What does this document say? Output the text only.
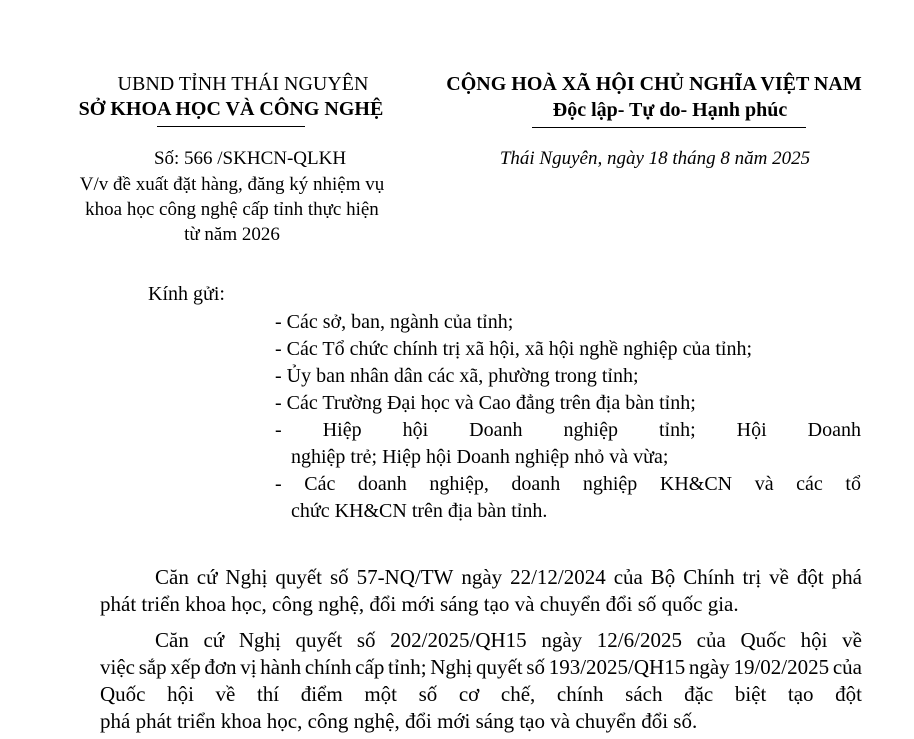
UBND TỈNH THÁI NGUYÊN
SỞ KHOA HỌC VÀ CÔNG NGHỆ
CỘNG HOÀ XÃ HỘI CHỦ NGHĨA VIỆT NAM
Độc lập- Tự do- Hạnh phúc
Số: 566 /SKHCN-QLKH
V/v đề xuất đặt hàng, đăng ký nhiệm vụ
khoa học công nghệ cấp tỉnh thực hiện
từ năm 2026
Thái Nguyên, ngày 18 tháng 8 năm 2025
Kính gửi:
- Các sở, ban, ngành của tỉnh;
- Các Tổ chức chính trị xã hội, xã hội nghề nghiệp của tỉnh;
- Ủy ban nhân dân các xã, phường trong tỉnh;
- Các Trường Đại học và Cao đẳng trên địa bàn tỉnh;
- Hiệp hội Doanh nghiệp tỉnh; Hội Doanh
nghiệp trẻ; Hiệp hội Doanh nghiệp nhỏ và vừa;
- Các doanh nghiệp, doanh nghiệp KH&CN và các tổ
chức KH&CN trên địa bàn tỉnh.
Căn cứ Nghị quyết số 57-NQ/TW ngày 22/12/2024 của Bộ Chính trị về đột phá
phát triển khoa học, công nghệ, đổi mới sáng tạo và chuyển đổi số quốc gia.
Căn cứ Nghị quyết số 202/2025/QH15 ngày 12/6/2025 của Quốc hội về
việc sắp xếp đơn vị hành chính cấp tỉnh; Nghị quyết số 193/2025/QH15 ngày 19/02/2025 của
Quốc hội về thí điểm một số cơ chế, chính sách đặc biệt tạo đột
phá phát triển khoa học, công nghệ, đổi mới sáng tạo và chuyển đổi số.
